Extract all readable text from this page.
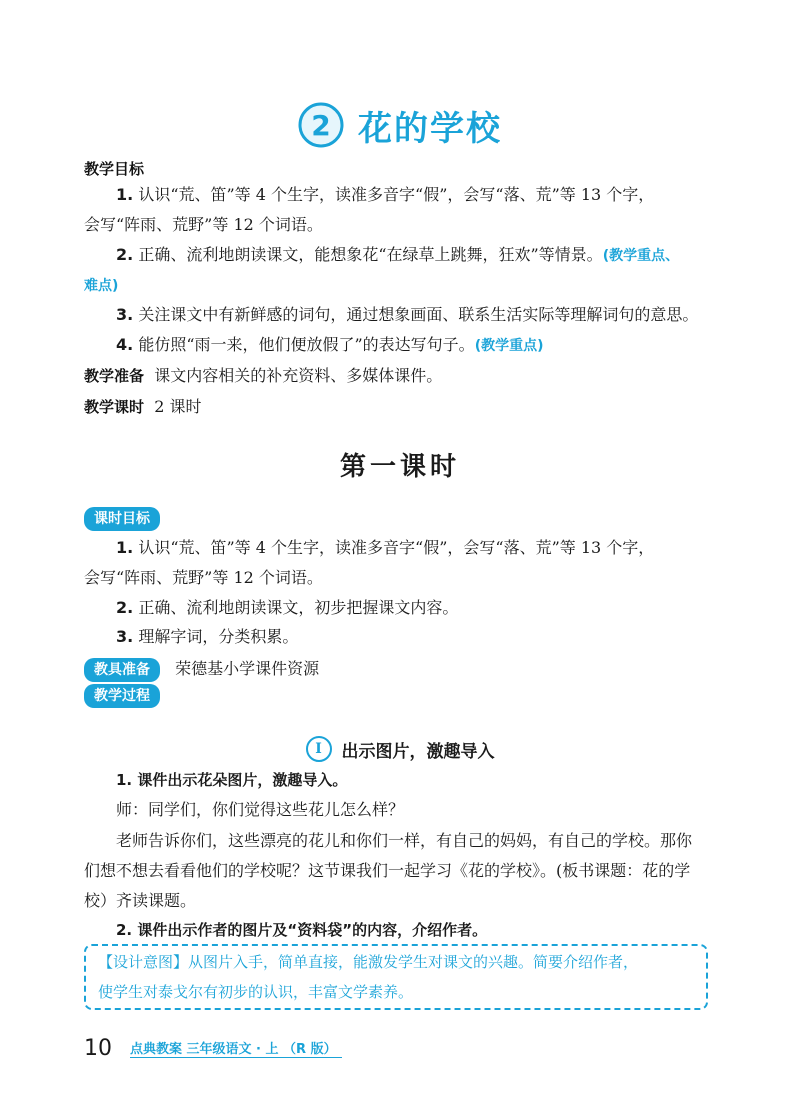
2 花的学校
教学目标
1. 认识“荒、笛”等 4 个生字，读准多音字“假”，会写“落、荒”等 13 个字，
会写“阵雨、荒野”等 12 个词语。
2. 正确、流利地朗读课文，能想象花“在绿草上跳舞，狂欢”等情景。(教学重点、
难点)
3. 关注课文中有新鲜感的词句，通过想象画面、联系生活实际等理解词句的意思。
4. 能仿照“雨一来，他们便放假了”的表达写句子。(教学重点)
教学准备 课文内容相关的补充资料、多媒体课件。
教学课时 2 课时
第一课时
课时目标
1. 认识“荒、笛”等 4 个生字，读准多音字“假”，会写“落、荒”等 13 个字，
会写“阵雨、荒野”等 12 个词语。
2. 正确、流利地朗读课文，初步把握课文内容。
3. 理解字词，分类积累。
教具准备 荣德基小学课件资源
教学过程
I	出示图片，激趣导入
1. 课件出示花朵图片，激趣导入。
师：同学们，你们觉得这些花儿怎么样？
老师告诉你们，这些漂亮的花儿和你们一样，有自己的妈妈，有自己的学校。那你
们想不想去看看他们的学校呢？这节课我们一起学习《花的学校》。(板书课题：花的学
校）齐读课题。
2. 课件出示作者的图片及“资料袋”的内容，介绍作者。
【设计意图】从图片入手，简单直接，能激发学生对课文的兴趣。简要介绍作者，
使学生对泰戈尔有初步的认识，丰富文学素养。
10 点典教案 三年级语文 · 上 （R 版）
